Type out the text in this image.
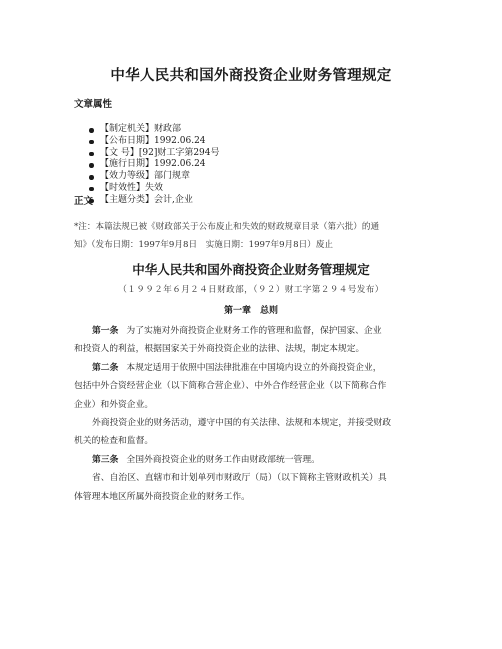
中华人民共和国外商投资企业财务管理规定
文章属性
【制定机关】财政部
【公布日期】1992.06.24
【文 号】[92]财工字第294号
【施行日期】1992.06.24
【效力等级】部门规章
【时效性】失效
【主题分类】会计,企业
正文

*注：本篇法规已被《财政部关于公布废止和失效的财政规章目录（第六批）的通

知》（发布日期：1997年9月8日　实施日期：1997年9月8日）废止

中华人民共和国外商投资企业财务管理规定
（１９９２年６月２４日财政部，（９２）财工字第２９４号发布）
第一章　总则

第一条 为了实施对外商投资企业财务工作的管理和监督，保护国家、企业

和投资人的利益，根据国家关于外商投资企业的法律、法规，制定本规定。

第二条 本规定适用于依照中国法律批准在中国境内设立的外商投资企业，

包括中外合资经营企业（以下简称合营企业）、中外合作经营企业（以下简称合作

企业）和外资企业。

外商投资企业的财务活动，遵守中国的有关法律、法规和本规定，并接受财政

机关的检查和监督。

第三条 全国外商投资企业的财务工作由财政部统一管理。

省、自治区、直辖市和计划单列市财政厅（局）（以下简称主管财政机关）具

体管理本地区所属外商投资企业的财务工作。
